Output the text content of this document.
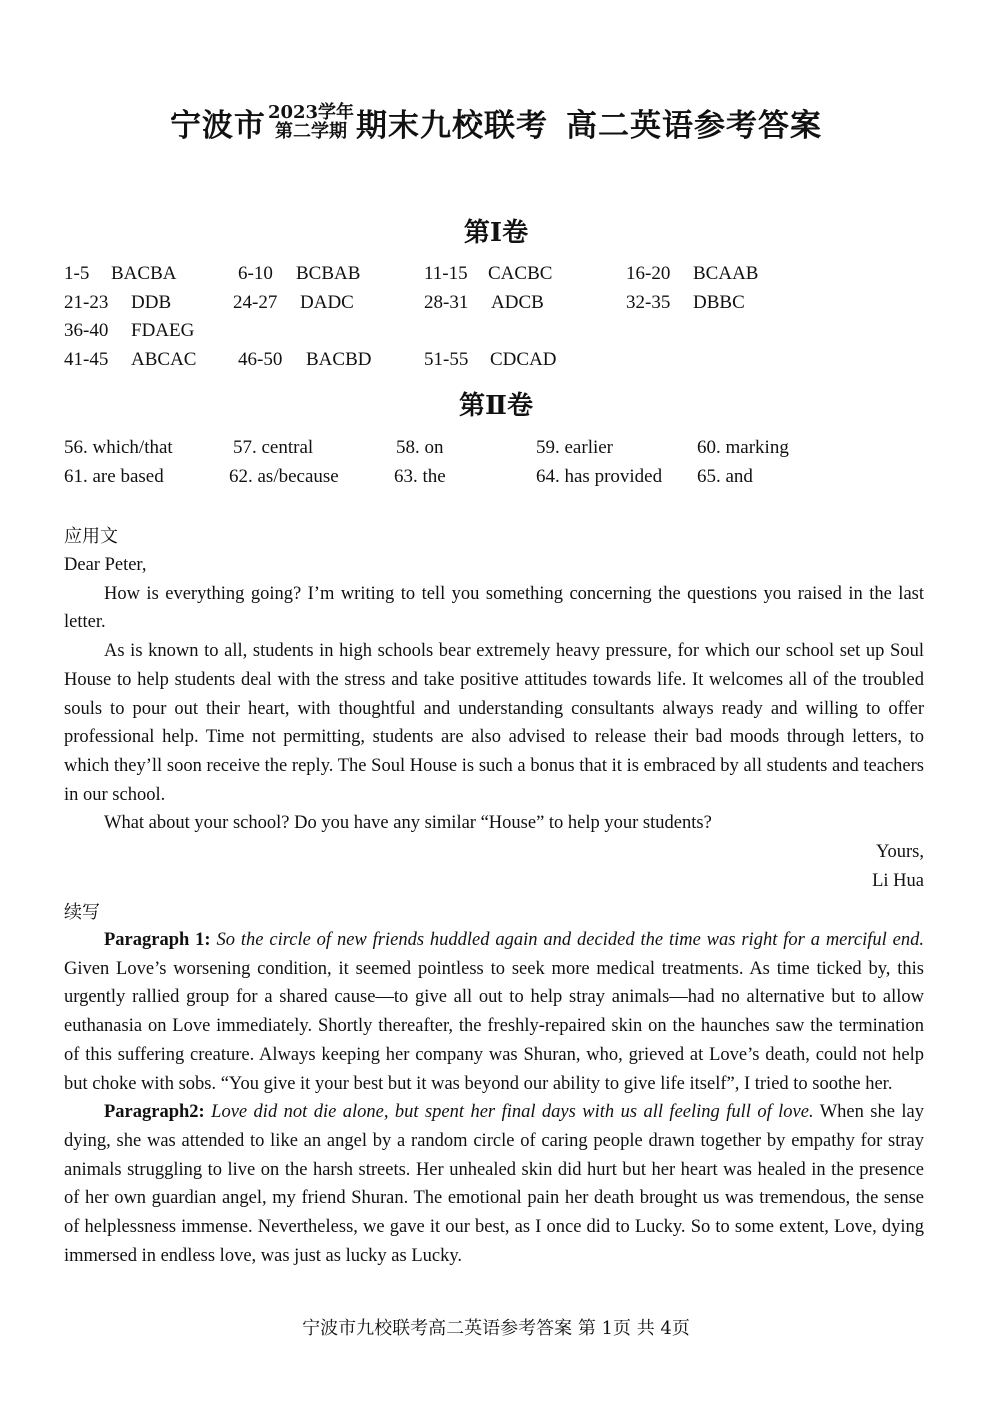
宁波市 2023学年
第二学期 期末九校联考 高二英语参考答案
第Ⅰ卷
1-5 BACBA	6-10 BCBAB	11-15 CACBC	16-20 BCAAB
21-23 DDB	24-27 DADC	28-31 ADCB	32-35 DBBC
36-40 FDAEG
41-45 ABCAC 46-50 BACBD	51-55 CDCAD
第Ⅱ卷
56. which/that	57. central	58. on	59. earlier	60. marking
61. are based	62. as/because	63. the	64. has provided 65. and
应用文

Dear Peter,

How is everything going? I’m writing to tell you something concerning the questions you raised in the last letter.

As is known to all, students in high schools bear extremely heavy pressure, for which our school set up Soul House to help students deal with the stress and take positive attitudes towards life. It welcomes all of the troubled souls to pour out their heart, with thoughtful and understanding consultants always ready and willing to offer professional help. Time not permitting, students are also advised to release their bad moods through letters, to which they’ll soon receive the reply. The Soul House is such a bonus that it is embraced by all students and teachers in our school.

What about your school? Do you have any similar “House” to help your students?

Yours,

Li Hua

续写

Paragraph 1: So the circle of new friends huddled again and decided the time was right for a merciful end. Given Love’s worsening condition, it seemed pointless to seek more medical treatments. As time ticked by, this urgently rallied group for a shared cause—to give all out to help stray animals—had no alternative but to allow euthanasia on Love immediately. Shortly thereafter, the freshly-repaired skin on the haunches saw the termination of this suffering creature. Always keeping her company was Shuran, who, grieved at Love’s death, could not help but choke with sobs. “You give it your best but it was beyond our ability to give life itself”, I tried to soothe her.

Paragraph2: Love did not die alone, but spent her final days with us all feeling full of love. When she lay dying, she was attended to like an angel by a random circle of caring people drawn together by empathy for stray animals struggling to live on the harsh streets. Her unhealed skin did hurt but her heart was healed in the presence of her own guardian angel, my friend Shuran. The emotional pain her death brought us was tremendous, the sense of helplessness immense. Nevertheless, we gave it our best, as I once did to Lucky. So to some extent, Love, dying immersed in endless love, was just as lucky as Lucky.

宁波市九校联考高二英语参考答案 第 1页 共 4页
